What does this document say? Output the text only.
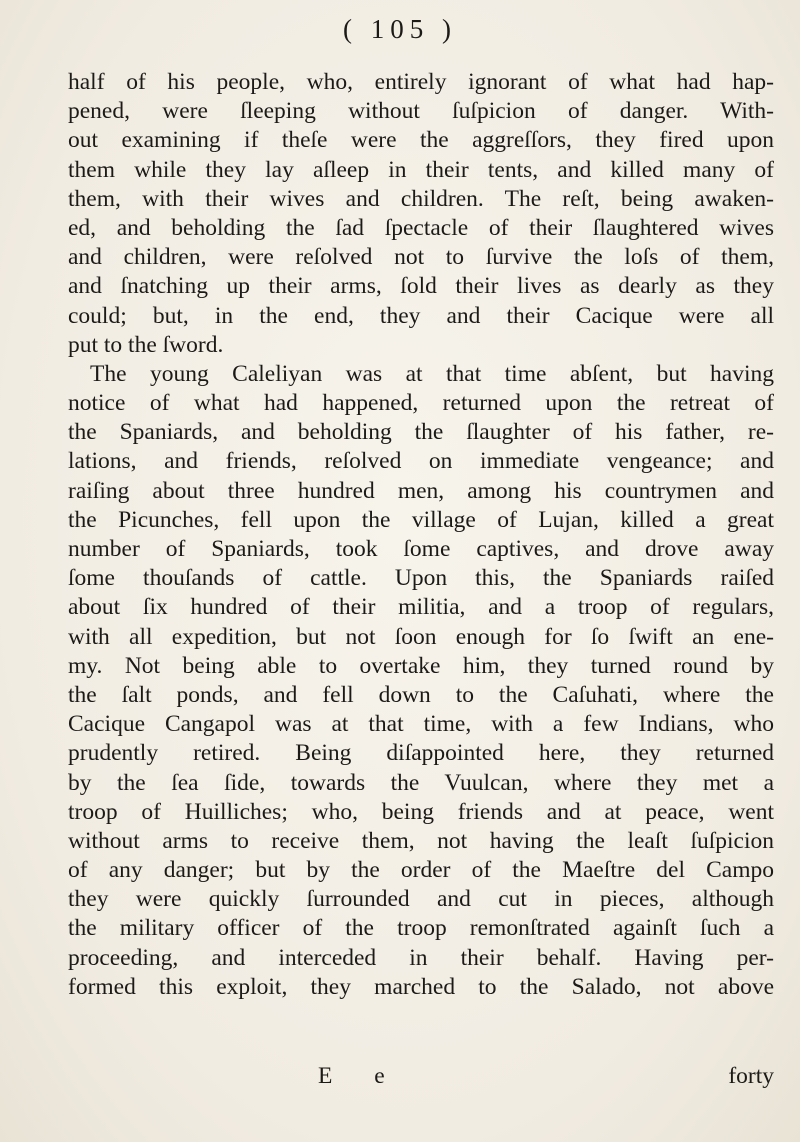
( 105 )
half of his people, who, entirely ignorant of what had hap-
pened, were ſleeping without ſuſpicion of danger. With-
out examining if theſe were the aggreſſors, they fired upon
them while they lay aſleep in their tents, and killed many of
them, with their wives and children. The reſt, being awaken-
ed, and beholding the ſad ſpectacle of their ſlaughtered wives
and children, were reſolved not to ſurvive the loſs of them,
and ſnatching up their arms, ſold their lives as dearly as they
could; but, in the end, they and their Cacique were all
put to the ſword.
The young Caleliyan was at that time abſent, but having
notice of what had happened, returned upon the retreat of
the Spaniards, and beholding the ſlaughter of his father, re-
lations, and friends, reſolved on immediate vengeance; and
raiſing about three hundred men, among his countrymen and
the Picunches, fell upon the village of Lujan, killed a great
number of Spaniards, took ſome captives, and drove away
ſome thouſands of cattle. Upon this, the Spaniards raiſed
about ſix hundred of their militia, and a troop of regulars,
with all expedition, but not ſoon enough for ſo ſwift an ene-
my. Not being able to overtake him, they turned round by
the ſalt ponds, and fell down to the Caſuhati, where the
Cacique Cangapol was at that time, with a few Indians, who
prudently retired. Being diſappointed here, they returned
by the ſea ſide, towards the Vuulcan, where they met a
troop of Huilliches; who, being friends and at peace, went
without arms to receive them, not having the leaſt ſuſpicion
of any danger; but by the order of the Maeſtre del Campo
they were quickly ſurrounded and cut in pieces, although
the military officer of the troop remonſtrated againſt ſuch a
proceeding, and interceded in their behalf. Having per-
formed this exploit, they marched to the Salado, not above
E e	forty
